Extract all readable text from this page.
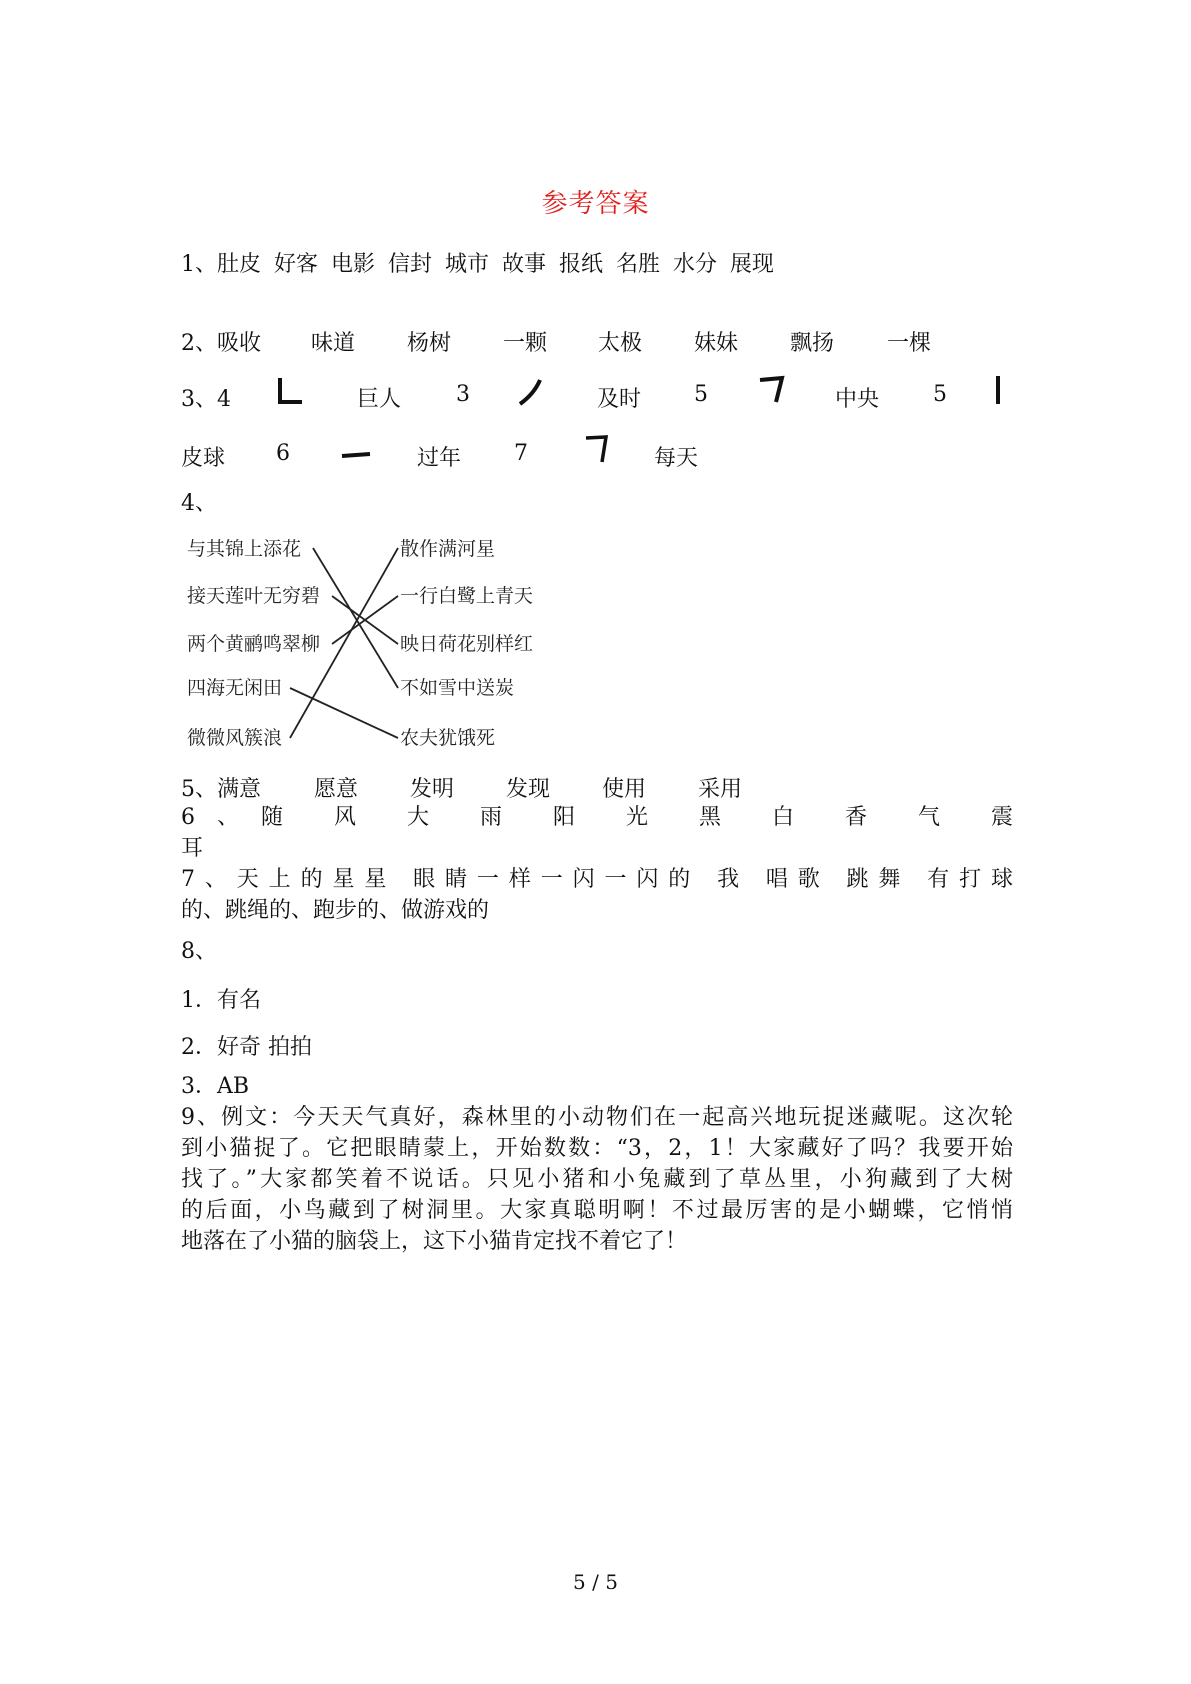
参考答案
1、肚皮 好客 电影 信封 城市 故事 报纸 名胜 水分 展现
2、吸收 味道 杨树 一颗 太极 妹妹 飘扬 一棵
3、4	巨人 3	及时 5	中央 5
皮球 6	过年 7	每天
4、
与其锦上添花
接天莲叶无穷碧
两个黄鹂鸣翠柳
四海无闲田
微微风簇浪
散作满河星
一行白鹭上青天
映日荷花别样红
不如雪中送炭
农夫犹饿死
5、满意 愿意 发明 发现 使用 采用
6、随 风 大 雨 阳 光 黑 白 香 气 震
耳
7、天上的星星 眼睛一样一闪一闪的 我 唱歌 跳舞 有打球
的、跳绳的、跑步的、做游戏的
8、
1．有名
2．好奇 拍拍
3．AB
9、例文：今天天气真好，森林里的小动物们在一起高兴地玩捉迷藏呢。这次轮
到小猫捉了。它把眼睛蒙上，开始数数：“3，2，1！大家藏好了吗？我要开始
找了。”大家都笑着不说话。只见小猪和小兔藏到了草丛里，小狗藏到了大树
的后面，小鸟藏到了树洞里。大家真聪明啊！不过最厉害的是小蝴蝶，它悄悄
地落在了小猫的脑袋上，这下小猫肯定找不着它了！
5 / 5
